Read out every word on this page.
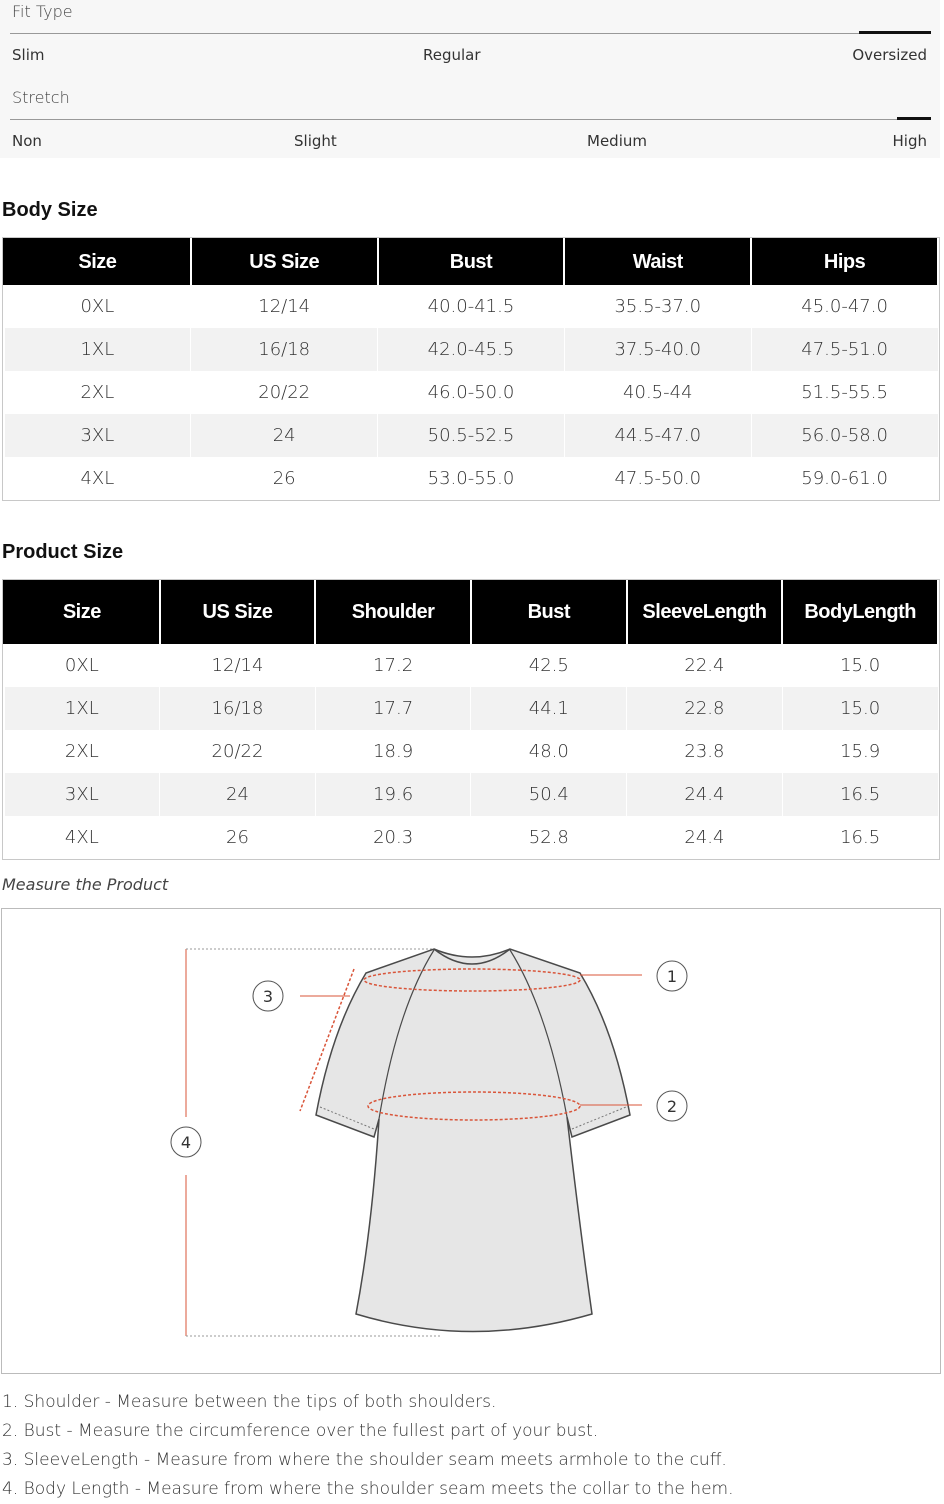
Fit Type
Slim	Regular	Oversized
Stretch
Non	Slight	Medium	High
Body Size
Size	US Size	Bust	Waist	Hips
0XL	12/14	40.0-41.5	35.5-37.0	45.0-47.0
1XL	16/18	42.0-45.5	37.5-40.0	47.5-51.0
2XL	20/22	46.0-50.0	40.5-44	51.5-55.5
3XL	24	50.5-52.5	44.5-47.0	56.0-58.0
4XL	26	53.0-55.0	47.5-50.0	59.0-61.0
Product Size
Size	US Size	Shoulder	Bust	SleeveLength	BodyLength
0XL	12/14	17.2	42.5	22.4	15.0
1XL	16/18	17.7	44.1	22.8	15.0
2XL	20/22	18.9	48.0	23.8	15.9
3XL	24	19.6	50.4	24.4	16.5
4XL	26	20.3	52.8	24.4	16.5
Measure the Product
1
2
3
4
1. Shoulder - Measure between the tips of both shoulders.
2. Bust - Measure the circumference over the fullest part of your bust.
3. SleeveLength - Measure from where the shoulder seam meets armhole to the cuff.
4. Body Length - Measure from where the shoulder seam meets the collar to the hem.
